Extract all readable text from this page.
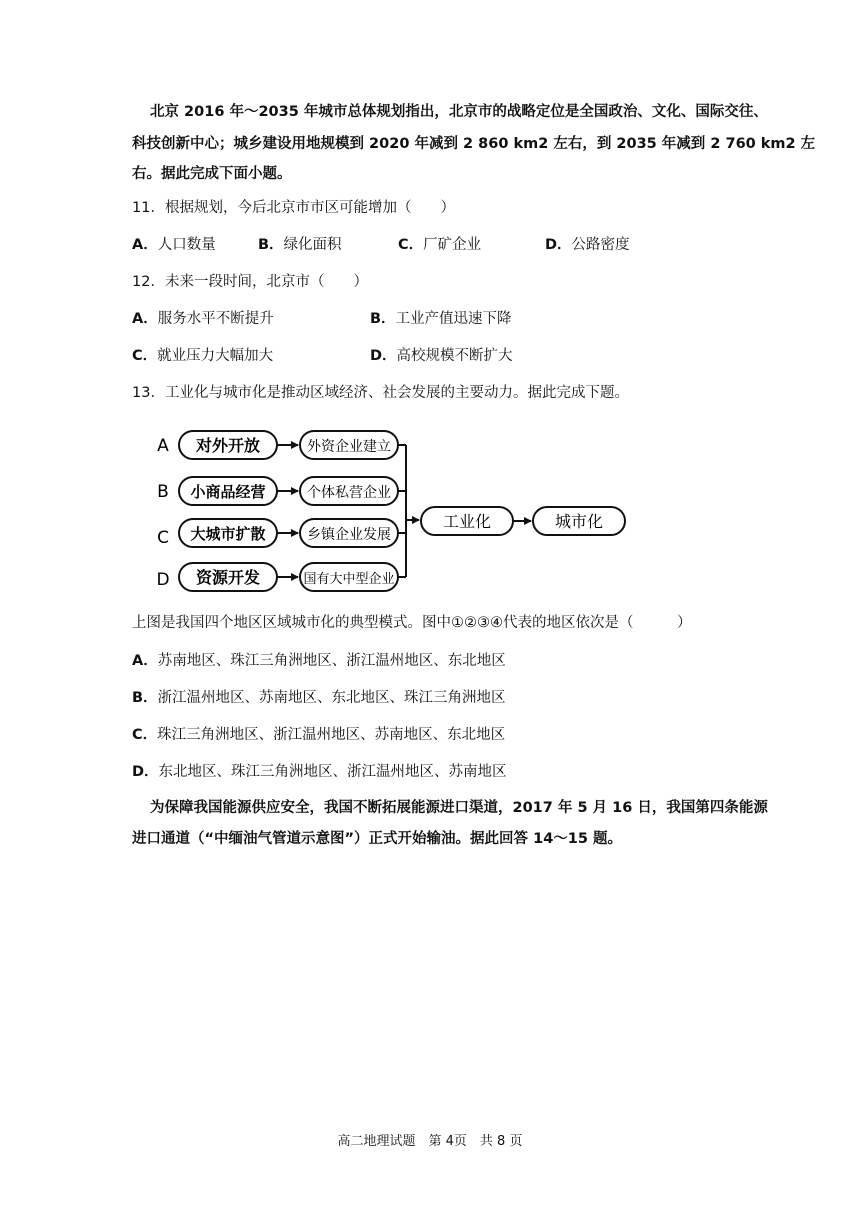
北京 2016 年～2035 年城市总体规划指出，北京市的战略定位是全国政治、文化、国际交往、
科技创新中心；城乡建设用地规模到 2020 年减到 2 860 km2 左右，到 2035 年减到 2 760 km2 左
右。据此完成下面小题。
11．根据规划，今后北京市市区可能增加（　　）
A．人口数量	B．绿化面积	C．厂矿企业	D．公路密度
12．未来一段时间，北京市（　　）
A．服务水平不断提升	B．工业产值迅速下降
C．就业压力大幅加大	D．高校规模不断扩大
13．工业化与城市化是推动区域经济、社会发展的主要动力。据此完成下题。
A 对外开放	外资企业建立
B 小商品经营	个体私营企业
C 大城市扩散	乡镇企业发展
D 资源开发	国有大中型企业
工业化	城市化
上图是我国四个地区区域城市化的典型模式。图中①②③④代表的地区依次是（　　　）
A．苏南地区、珠江三角洲地区、浙江温州地区、东北地区
B．浙江温州地区、苏南地区、东北地区、珠江三角洲地区
C．珠江三角洲地区、浙江温州地区、苏南地区、东北地区
D．东北地区、珠江三角洲地区、浙江温州地区、苏南地区
为保障我国能源供应安全，我国不断拓展能源进口渠道，2017 年 5 月 16 日，我国第四条能源
进口通道（“中缅油气管道示意图”）正式开始输油。据此回答 14～15 题。
高二地理试题　第 4页　共 8 页
